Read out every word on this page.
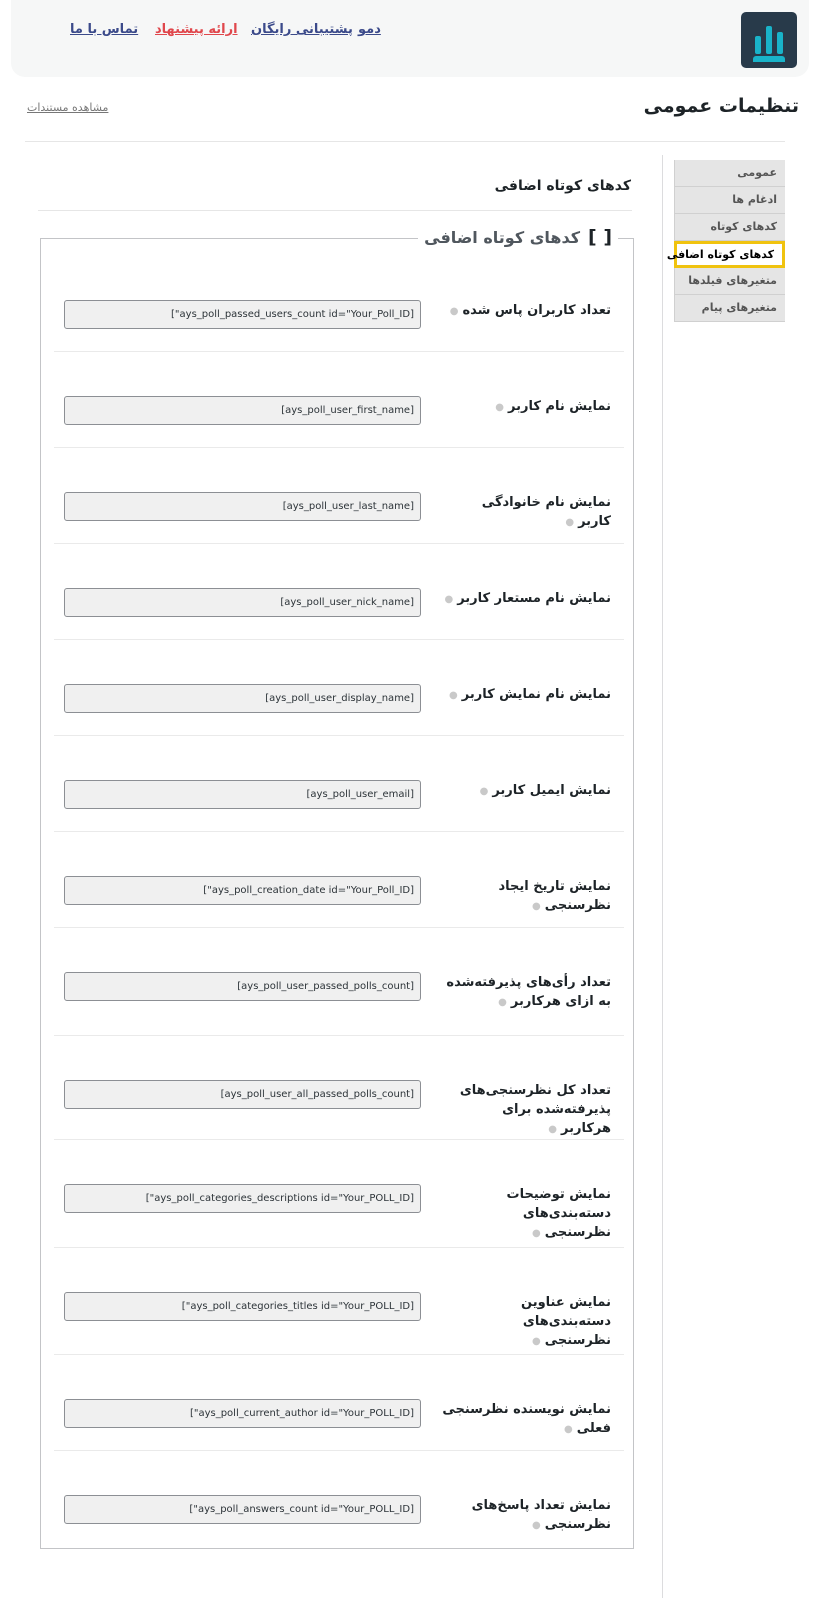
دمو
پشتیبانی رایگان
ارائه پیشنهاد
تماس با ما
تنظیمات عمومی
مشاهده مستندات
عمومی
ادغام ها
کدهای کوتاه
کدهای کوتاه اضافی
متغیرهای فیلدها
متغیرهای پیام
کدهای کوتاه اضافی
[ ]کدهای کوتاه اضافی
تعداد کاربران پاس شده●
[ays_poll_passed_users_count id="Your_Poll_ID"]
نمایش نام کاربر●
[ays_poll_user_first_name]
نمایش نام خانوادگی کاربر●
[ays_poll_user_last_name]
نمایش نام مستعار کاربر●
[ays_poll_user_nick_name]
نمایش نام نمایش کاربر●
[ays_poll_user_display_name]
نمایش ایمیل کاربر●
[ays_poll_user_email]
نمایش تاریخ ایجاد نظرسنجی●
[ays_poll_creation_date id="Your_Poll_ID"]
تعداد رأی‌های پذیرفته‌شده به ازای هرکاربر●
[ays_poll_user_passed_polls_count]
تعداد کل نظرسنجی‌های پذیرفته‌شده برای هرکاربر●
[ays_poll_user_all_passed_polls_count]
نمایش توضیحات دسته‌بندی‌های نظرسنجی●
[ays_poll_categories_descriptions id="Your_POLL_ID"]
نمایش عناوین دسته‌بندی‌های نظرسنجی●
[ays_poll_categories_titles id="Your_POLL_ID"]
نمایش نویسنده نظرسنجی فعلی●
[ays_poll_current_author id="Your_POLL_ID"]
نمایش تعداد پاسخ‌های نظرسنجی●
[ays_poll_answers_count id="Your_POLL_ID"]
